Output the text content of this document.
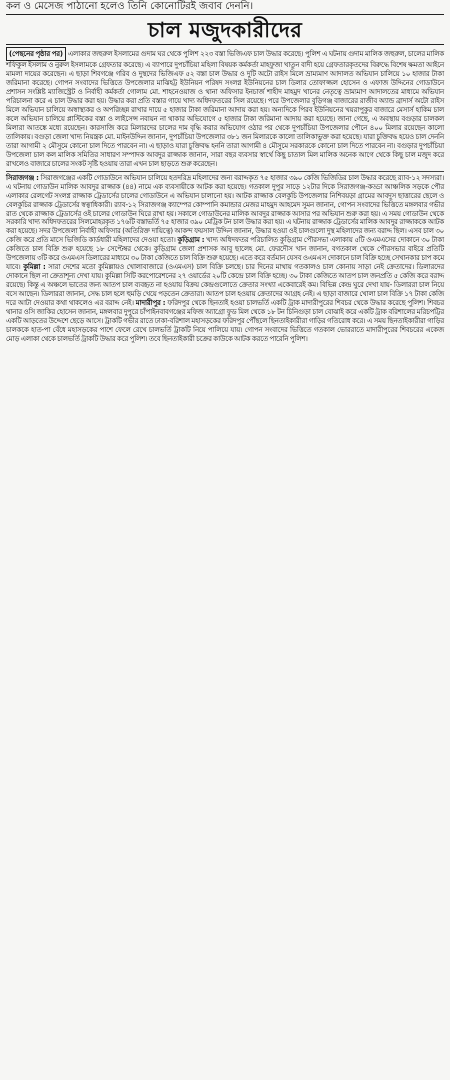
কল ও মেসেজ পাঠানো হলেও তিনি কোনোটিরই জবাব দেননি।
চাল মজুদকারীদের

(পেছনের পৃষ্ঠার পর) এলাকার জহুরুল ইসলামের গুদাম ঘর থেকে পুলিশ ২২৩ বস্তা ভিজিএফ চাল উদ্ধার করেছে। পুলিশ এ ঘটনায় গুদাম মালিক জহুরুল, চালের মালিক শফিকুল ইসলাম ও নুরুল ইসলামকে গ্রেফতার করেছে। এ ব্যাপারে দুপচাঁচিয়া মহিলা বিষয়ক কর্মকর্তা মাহফুজা খাতুন বাদী হয়ে গ্রেফতারকৃতদের বিরুদ্ধে বিশেষ ক্ষমতা আইনে মামলা দায়ের করেছেন। এ ছাড়া শিবগঞ্জে গরিব ও দুস্থদের ভিজিএফ ৫২ বস্তা চাল উদ্ধার ও দুটি অটো রাইস মিলে ভ্রাম্যমাণ আদালত অভিযান চালিয়ে ১০ হাজার টাকা জরিমানা করেছে। গোপন সংবাদের ভিত্তিতে উপজেলার মাঝিহট্ট ইউনিয়ন পরিষদ সংলগ্ন ইউনিয়নের চাল ডিলার তোফাজ্জল হোসেন ও এফাজ উদ্দিনের গোডাউনে প্রশাসন সংশ্লিষ্ট ম্যাজিস্ট্রেট ও নির্বাহী কর্মকর্তা গোলাম মো. শাহনেওয়াজ ও থানা অফিসার ইনচার্জ শাহীদ মাহমুদ খানের নেতৃত্বে ভ্রাম্যমাণ আদালতের মাধ্যমে অভিযান পরিচালনা করে এ চাল উদ্ধার করা হয়। উদ্ধার করা প্রতি বস্তার গায়ে খাদ্য অধিদফতরের সিল রয়েছে। পরে উপজেলার বুড়িগঞ্জ বাজারের রাজীব অ্যান্ড ব্রাদার্স অটো রাইস মিলে অভিযান চালিয়ে অস্বাস্থ্যকর ও অপরিচ্ছন্ন রাখার দায়ে ৫ হাজার টাকা জরিমানা আদায় করা হয়। অন্যদিকে পিরব ইউনিয়নের খয়রাপুকুর বাজারে মেসার্স হাকিম চাল কলে অভিযান চালিয়ে প্লাস্টিকের বস্তা ও লাইসেন্স নবায়ন না থাকার অভিযোগে ৫ হাজার টাকা জরিমানা আদায় করা হয়েছে। জানা গেছে, এ অবস্থায় বগুড়ার চালকল মিলারা আতঙ্কে মধ্যে রয়েছেন। কারসাজি করে মিলারদের চালের দাম বৃদ্ধি করার অভিযোগ ওঠার পর থেকে দুপচাঁচিয়া উপজেলার পৌনে ৪০০ মিলার রয়েছেন কালো তালিকায়। বগুড়া জেলা খাদ্য নিয়ন্ত্রক মো. মাইনউদ্দিন জানান, দুপচাঁচিয়া উপজেলার ৩৮১ জন মিলারকে কালো তালিকাভুক্ত করা হয়েছে। যারা চুক্তিবদ্ধ হয়েও চাল দেননি তারা আগামী ২ মৌসুমে কোনো চাল দিতে পারবেন না। এ ছাড়াও যারা চুক্তিবদ্ধ হননি তারা আগামী ৪ মৌসুমে সরকারকে কোনো চাল দিতে পারবেন না। বগুড়ার দুপচাঁচিয়া উপজেলা চাল কল মালিক সমিতির সাধারণ সম্পাদক আবদুর রাজ্জাক জানান, সারা বছর ব্যবসার স্বার্থে কিছু চাতাল মিল মালিক অনেক আগে থেকে কিছু চাল মজুদ করে রাখলেও বাজারে চালের সংকট সৃষ্টি হওয়ায় তারা এখন চাল ছাড়তে শুরু করেছেন।

সিরাজগঞ্জ : সিরাজগঞ্জের একটি গোডাউনে অভিযান চালিয়ে হতদরিদ্র মহিলাদের জন্য বরাদ্দকৃত ৭৫ হাজার ৩৯০ কেজি ভিজিডির চাল উদ্ধার করেছে র‍্যাব-১২ সদস্যরা। এ ঘটনায় গোডাউন মালিক আবদুর রাজ্জাক (৪৪) নামে এক ব্যবসায়ীকে আটক করা হয়েছে। গতকাল দুপুর সাড়ে ১২টার দিকে সিরাজগঞ্জ-কড্ডা আঞ্চলিক সড়কে পৌর এলাকার রেলগেট সংলগ্ন রাজ্জাক ট্রেডার্সের চালের গোডাউনে এ অভিযান চালানো হয়। আটক রাজ্জাক বেলকুচি উপজেলার নিশিবয়ড়া গ্রামের আবদুস ছাত্তারের ছেলে ও বেলকুচির রাজ্জাক ট্রেডার্সের স্বত্বাধিকারী। র‍্যাব-১২ সিরাজগঞ্জ ক্যাম্পের কোম্পানি কমান্ডার মেজর মাহমুদ আহমেদ সুমন জানান, গোপন সংবাদের ভিত্তিতে মঙ্গলবার গভীর রাত থেকে রাজ্জাক ট্রেডার্সের ওই চালের গোডাউন ঘিরে রাখা হয়। সকালে গোডাউনের মালিক আবদুর রাজ্জাক আসার পর অভিযান শুরু করা হয়। এ সময় গোডাউন থেকে সরকারি খাদ্য অধিদফতরের সিলমোহরকৃত ১৭৬টি বস্তাভর্তি ৭৫ হাজার ৩৯০ মেট্রিক টন চাল উদ্ধার করা হয়। এ ঘটনায় রাজ্জাক ট্রেডার্সের মালিক আবদুর রাজ্জাককে আটক করা হয়েছে। সদর উপজেলা নির্বাহী অফিসার (অতিরিক্ত দায়িত্বে) আকন্দ ফয়সাল উদ্দিন জানান, উদ্ধার হওয়া ওই চালগুলো দুস্থ মহিলাদের জন্য বরাদ্দ ছিল। এসব চাল ৩০ কেজি করে প্রতি মাসে ভিজিডি কার্ডধারী মহিলাদের দেওয়া হতো। কুড়িগ্রাম : খাদ্য অধিদফতর পরিচালিত কুড়িগ্রাম পৌরসভা এলাকায় ৫টি ওএমএসের দোকানে ৩০ টাকা কেজিতে চাল বিক্রি শুরু হয়েছে ১৮ সেপ্টেম্বর থেকে। কুড়িগ্রাম জেলা প্রশাসক আবু ছালেহ মো. ফেরদৌস খান জানান, বগতকাল থেকে পৌরসভার বাইরে প্রতিটি উপজেলায় ৩টি করে ওএমএস ডিলারের মাধ্যমে ৩০ টাকা কেজিতে চাল বিক্রি শুরু হয়েছে। এতে করে বর্তমান যেসব ওএমএস দোকানে চাল বিক্রি হচ্ছে সেখানকার চাপ কমে যাবে। কুমিল্লা : সারা দেশের মতো কুমিল্লায়ও খোলাবাজারে (ওএমএস) চাল বিক্রি চলছে। চার দিনের মাথায় গতকালও চাল কোনায় সাড়া নেই ক্রেতাদের। ডিলারদের দোকানে ছিল না ক্রেতাশূন্য দেখা যায়। কুমিল্লা সিটি করপোরেশনের ২৭ ওয়ার্ডের ২০টি কেন্দ্রে চাল বিক্রি হচ্ছে। ৩০ টাকা কেজিতে আতপ চাল জনপ্রতি ৫ কেজি করে বরাদ্দ রয়েছে। কিন্তু এ অঞ্চলে ভাতের জন্য আতপ চাল ব্যবহৃত না হওয়ায় বিক্রয় কেন্দ্রগুলোতে ক্রেতার সংখ্যা একেবারেই কম। বিভিন্ন কেন্দ্র ঘুরে দেখা যায়- ডিলাররা চাল নিয়ে বসে আছেন। ডিলাররা জানান, সেদ্ধ চাল হলে হুমড়ি খেয়ে পড়তেন ক্রেতারা। আতপ চাল হওয়ায় ক্রেতাদের আগ্রহ নেই। এ ছাড়া বাজারে খোলা চাল বিক্রি ১৭ টাকা কেজি দরে আটা দেওয়ার কথা থাকলেও এর বরাদ্দ নেই। মাদারীপুর : ফরিদপুর থেকে ছিনতাই হওয়া চালভর্তি একটি ট্রাক মাদারীপুরের শিবচর থেকে উদ্ধার করেছে পুলিশ। শিবচর থানার ওসি জাকির হোসেন জানান, মঙ্গলবার দুপুরে চাঁপাইনবাবগঞ্জের মফিজ অ্যাগ্রো ফুড মিল থেকে ১৮ টন চিনিগুড়া চাল বোঝাই করে একটি ট্রাক বরিশালের মরিচপট্টির একটি আড়তের উদ্দেশে ছেড়ে আসে। ট্রাকটি গভীর রাতে ঢাকা-বরিশাল মহাসড়কের ফরিদপুর পৌঁছলে ছিনতাইকারীরা গাড়ির গতিরোধ করে। এ সময় ছিনতাইকারীরা গাড়ির চালককে হাত-পা বেঁধে মহাসড়কের পাশে ফেলে রেখে চালভর্তি ট্রাকটি নিয়ে পালিয়ে যায়। গোপন সংবাদের ভিত্তিতে গতকাল ভোররাতে মাদারীপুরের শিবচরের একেজ মোড় এলাকা থেকে চালভর্তি ট্রাকটি উদ্ধার করে পুলিশ। তবে ছিনতাইকারী চক্রের কাউকে আটক করতে পারেনি পুলিশ।
